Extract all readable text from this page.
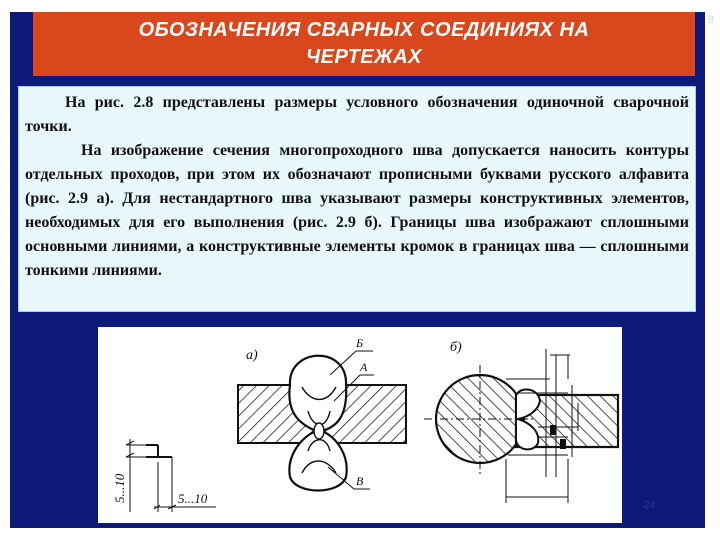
ОБОЗНАЧЕНИЯ СВАРНЫХ СОЕДИНИЯХ НА ЧЕРТЕЖАХ
8

На рис. 2.8 представлены размеры условного обозначения одиночной сварочной точки.

На изображение сечения многопроходного шва допускается наносить контуры отдельных проходов, при этом их обозначают прописными буквами русского алфавита (рис. 2.9 а). Для нестандартного шва указывают размеры конструктивных элементов, необходимых для его выполнения (рис. 2.9 б). Границы шва изображают сплошными основными линиями, а конструктивные элементы кромок в границах шва — сплошными тонкими линиями.

5...10	5...10
а)
Б
А
В
б)
24
